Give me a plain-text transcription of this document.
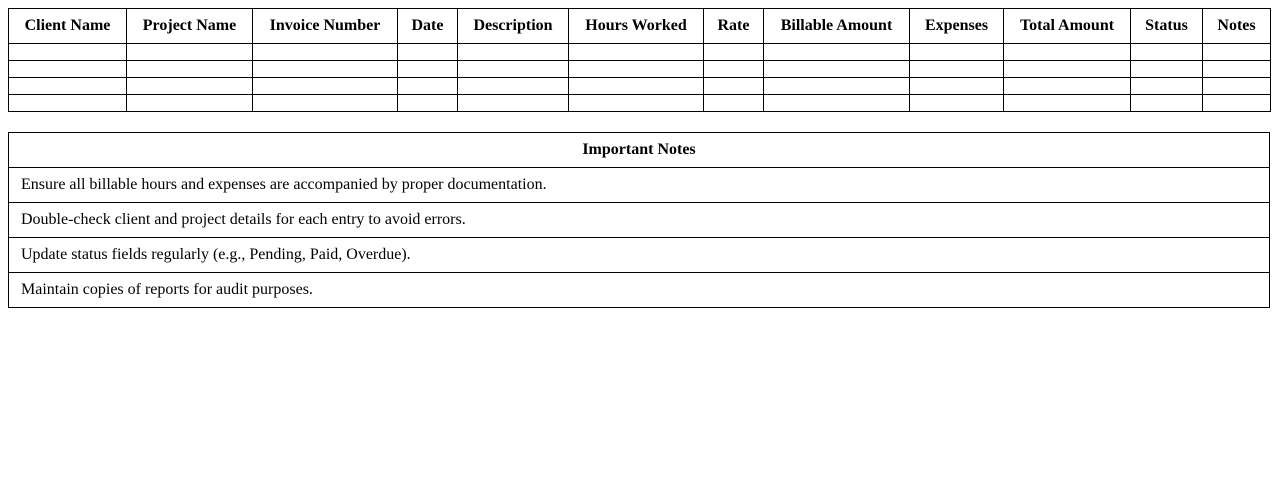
Client Name	Project Name	Invoice Number	Date	Description	Hours Worked	Rate	Billable Amount	Expenses	Total Amount	Status	Notes

Important Notes
Ensure all billable hours and expenses are accompanied by proper documentation.
Double-check client and project details for each entry to avoid errors.
Update status fields regularly (e.g., Pending, Paid, Overdue).
Maintain copies of reports for audit purposes.
